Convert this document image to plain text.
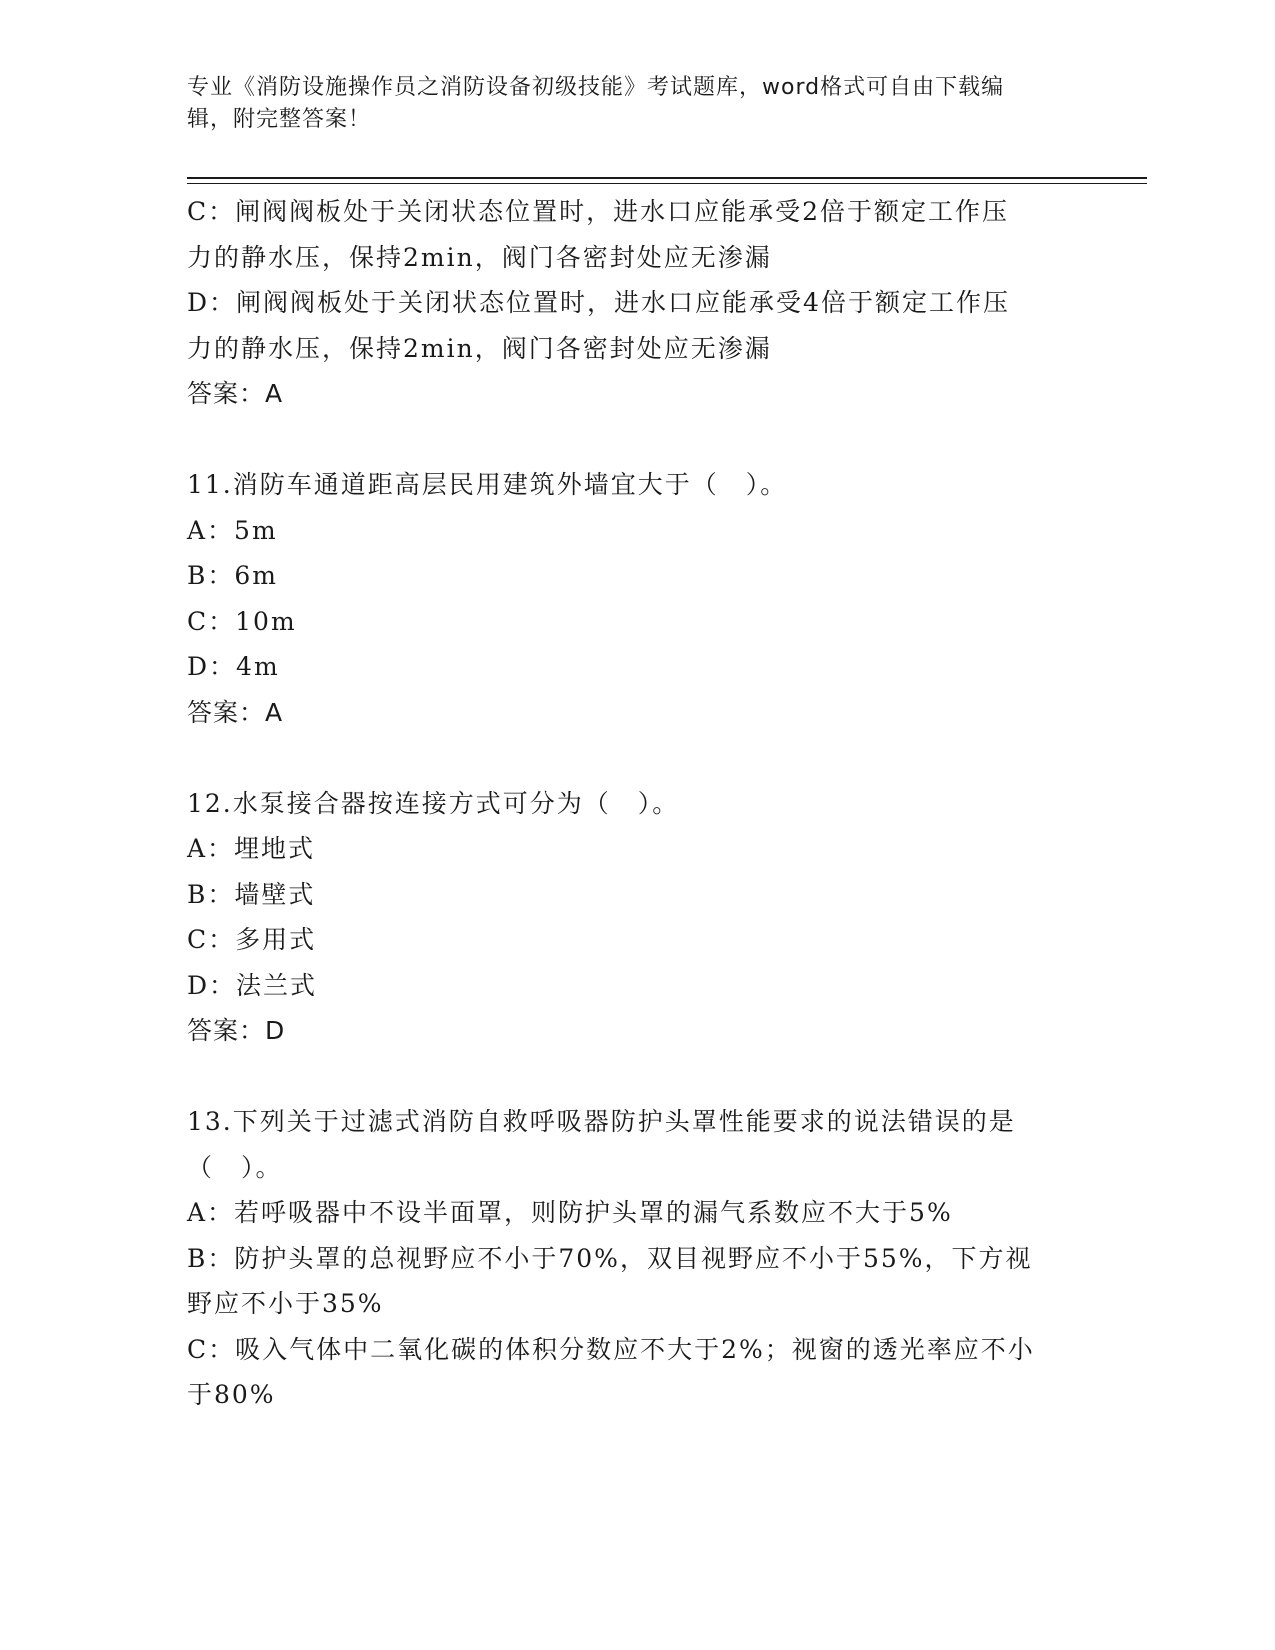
专业《消防设施操作员之消防设备初级技能》考试题库，word格式可自由下载编
辑，附完整答案！
C：闸阀阀板处于关闭状态位置时，进水口应能承受2倍于额定工作压
力的静水压，保持2min，阀门各密封处应无渗漏
D：闸阀阀板处于关闭状态位置时，进水口应能承受4倍于额定工作压
力的静水压，保持2min，阀门各密封处应无渗漏
答案：A
11.消防车通道距高层民用建筑外墙宜大于（　）。
A：5m
B：6m
C：10m
D：4m
答案：A
12.水泵接合器按连接方式可分为（　）。
A：埋地式
B：墙壁式
C：多用式
D：法兰式
答案：D
13.下列关于过滤式消防自救呼吸器防护头罩性能要求的说法错误的是
（　）。
A：若呼吸器中不设半面罩，则防护头罩的漏气系数应不大于5%
B：防护头罩的总视野应不小于70%，双目视野应不小于55%，下方视
野应不小于35%
C：吸入气体中二氧化碳的体积分数应不大于2%；视窗的透光率应不小
于80%
